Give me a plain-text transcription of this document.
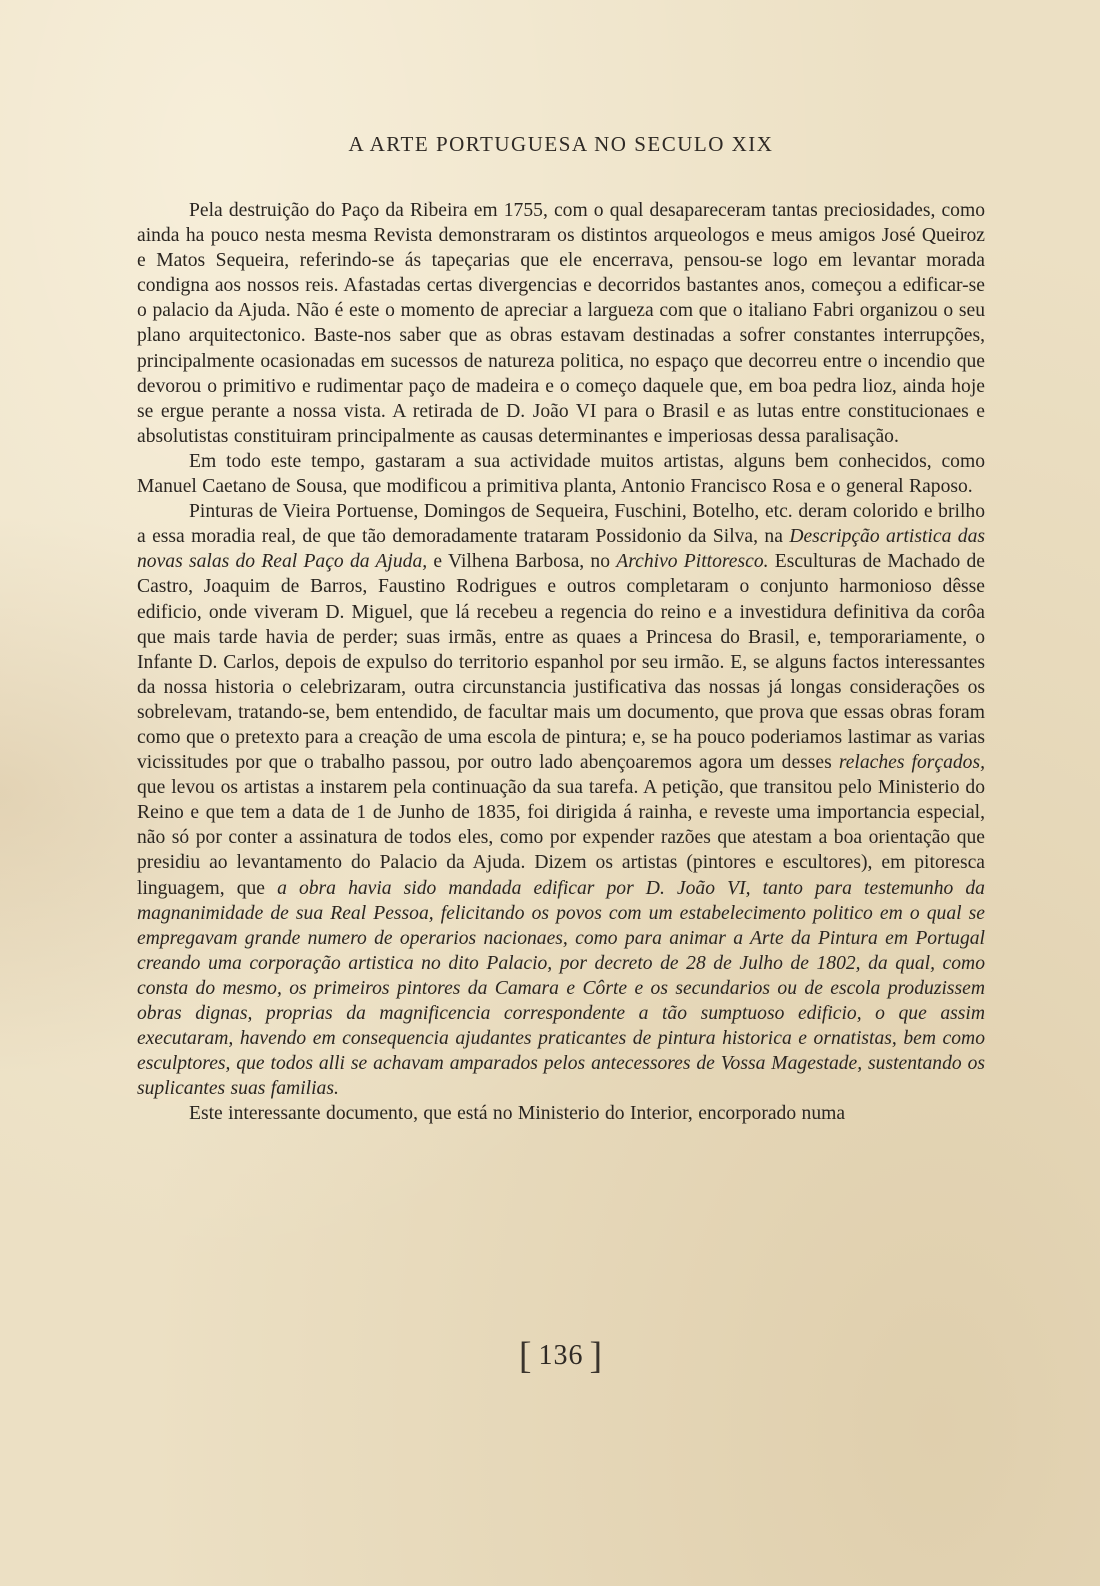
A ARTE PORTUGUESA NO SECULO XIX

Pela destruição do Paço da Ribeira em 1755, com o qual desapareceram tantas preciosidades, como ainda ha pouco nesta mesma Revista demonstraram os distintos arqueologos e meus amigos José Queiroz e Matos Sequeira, referindo-se ás tapeçarias que ele encerrava, pensou-se logo em levantar morada condigna aos nossos reis. Afastadas certas divergencias e decorridos bastantes anos, começou a edificar-se o palacio da Ajuda. Não é este o momento de apreciar a largueza com que o italiano Fabri organizou o seu plano arquitectonico. Baste-nos saber que as obras estavam destinadas a sofrer constantes interrupções, principalmente ocasionadas em sucessos de natureza politica, no espaço que decorreu entre o incendio que devorou o primitivo e rudimentar paço de madeira e o começo daquele que, em boa pedra lioz, ainda hoje se ergue perante a nossa vista. A retirada de D. João VI para o Brasil e as lutas entre constitucionaes e absolutistas constituiram principalmente as causas determinantes e imperiosas dessa paralisação.

Em todo este tempo, gastaram a sua actividade muitos artistas, alguns bem conhecidos, como Manuel Caetano de Sousa, que modificou a primitiva planta, Antonio Francisco Rosa e o general Raposo.

Pinturas de Vieira Portuense, Domingos de Sequeira, Fuschini, Botelho, etc. deram colorido e brilho a essa moradia real, de que tão demoradamente trataram Possidonio da Silva, na Descripção artistica das novas salas do Real Paço da Ajuda, e Vilhena Barbosa, no Archivo Pittoresco. Esculturas de Machado de Castro, Joaquim de Barros, Faustino Rodrigues e outros completaram o conjunto harmonioso dêsse edificio, onde viveram D. Miguel, que lá recebeu a regencia do reino e a investidura definitiva da corôa que mais tarde havia de perder; suas irmãs, entre as quaes a Princesa do Brasil, e, temporariamente, o Infante D. Carlos, depois de expulso do territorio espanhol por seu irmão. E, se alguns factos interessantes da nossa historia o celebrizaram, outra circunstancia justificativa das nossas já longas considerações os sobrelevam, tratando-se, bem entendido, de facultar mais um documento, que prova que essas obras foram como que o pretexto para a creação de uma escola de pintura; e, se ha pouco poderiamos lastimar as varias vicissitudes por que o trabalho passou, por outro lado abençoaremos agora um desses relaches forçados, que levou os artistas a instarem pela continuação da sua tarefa. A petição, que transitou pelo Ministerio do Reino e que tem a data de 1 de Junho de 1835, foi dirigida á rainha, e reveste uma importancia especial, não só por conter a assinatura de todos eles, como por expender razões que atestam a boa orientação que presidiu ao levantamento do Palacio da Ajuda. Dizem os artistas (pintores e escultores), em pitoresca linguagem, que a obra havia sido mandada edificar por D. João VI, tanto para testemunho da magnanimidade de sua Real Pessoa, felicitando os povos com um estabelecimento politico em o qual se empregavam grande numero de operarios nacionaes, como para animar a Arte da Pintura em Portugal creando uma corporação artistica no dito Palacio, por decreto de 28 de Julho de 1802, da qual, como consta do mesmo, os primeiros pintores da Camara e Côrte e os secundarios ou de escola produzissem obras dignas, proprias da magnificencia correspondente a tão sumptuoso edificio, o que assim executaram, havendo em consequencia ajudantes praticantes de pintura historica e ornatistas, bem como esculptores, que todos alli se achavam amparados pelos antecessores de Vossa Magestade, sustentando os suplicantes suas familias.

Este interessante documento, que está no Ministerio do Interior, encorporado numa

[ 136 ]
